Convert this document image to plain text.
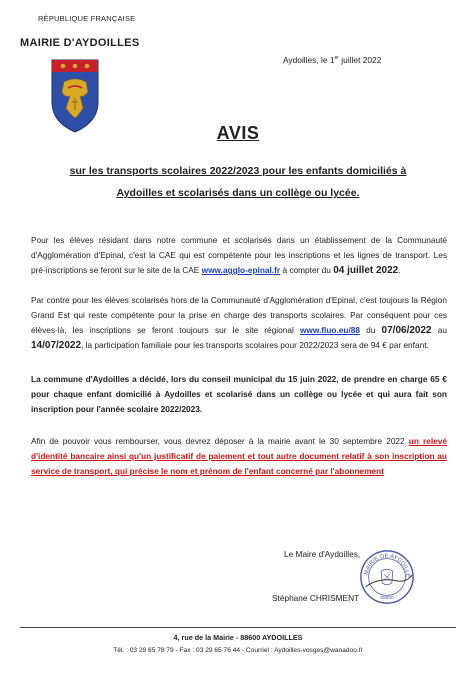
RÉPUBLIQUE FRANÇAISE
MAIRIE D'AYDOILLES
Aydoilles, le 1er juillet 2022
AVIS
sur les transports scolaires 2022/2023 pour les enfants domiciliés à Aydoilles et scolarisés dans un collège ou lycée.
Pour les élèves résidant dans notre commune et scolarisés dans un établissement de la Communauté d'Agglomération d'Epinal, c'est la CAE qui est compétente pour les inscriptions et les lignes de transport. Les pré-inscriptions se feront sur le site de la CAE www.agglo-epinal.fr à compter du 04 juillet 2022.
Par contre pour les élèves scolarisés hors de la Communauté d'Agglomération d'Epinal, c'est toujours la Région Grand Est qui reste compétente pour la prise en charge des transports scolaires. Par conséquent pour ces élèves-là, les inscriptions se feront toujours sur le site régional www.fluo.eu/88 du 07/06/2022 au 14/07/2022, la participation familiale pour les transports scolaires pour 2022/2023 sera de 94 € par enfant.
La commune d'Aydoilles a décidé, lors du conseil municipal du 15 juin 2022, de prendre en charge 65 € pour chaque enfant domicilié à Aydoilles et scolarisé dans un collège ou lycée et qui aura fait son inscription pour l'année scolaire 2022/2023.
Afin de pouvoir vous rembourser, vous devrez déposer à la mairie avant le 30 septembre 2022 un relevé d'identité bancaire ainsi qu'un justificatif de paiement et tout autre document relatif à son inscription au service de transport, qui précise le nom et prénom de l'enfant concerné par l'abonnement
Le Maire d'Aydoilles,
Stéphane CHRISMENT
MAIRIE DE AYDOILLE
88600
4, rue de la Mairie - 88600 AYDOILLES
Tél. : 03 29 65 78 79 - Fax : 03 29 65 76 44 - Courriel : Aydoilles-vosges@wanadoo.fr
